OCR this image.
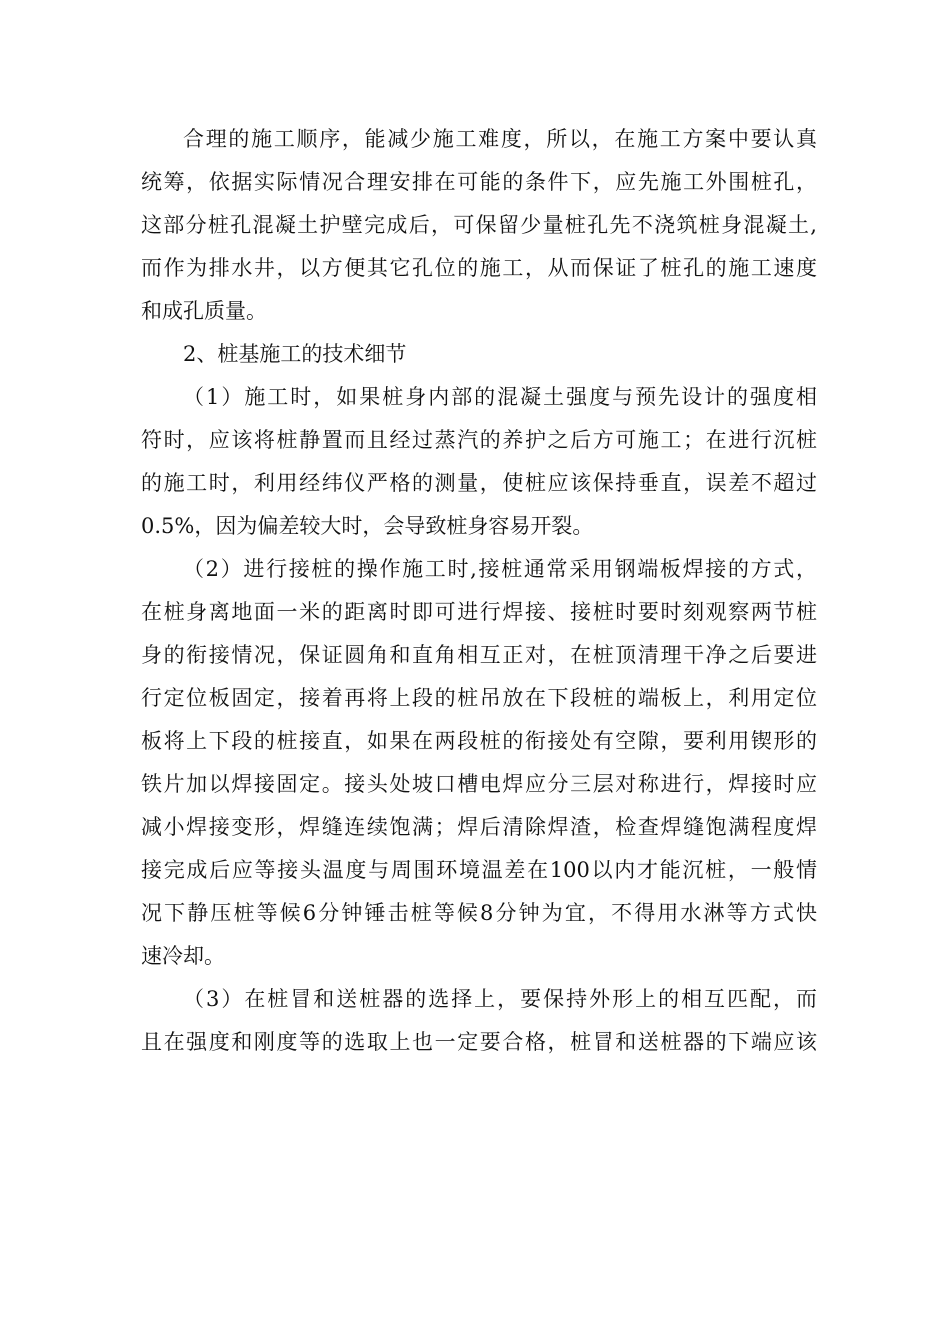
合理的施工顺序，能减少施工难度，所以，在施工方案中要认真
统筹，依据实际情况合理安排在可能的条件下，应先施工外围桩孔，
这部分桩孔混凝土护壁完成后，可保留少量桩孔先不浇筑桩身混凝土,
而作为排水井，以方便其它孔位的施工，从而保证了桩孔的施工速度
和成孔质量。
2、桩基施工的技术细节
（1）施工时，如果桩身内部的混凝土强度与预先设计的强度相
符时，应该将桩静置而且经过蒸汽的养护之后方可施工；在进行沉桩
的施工时，利用经纬仪严格的测量，使桩应该保持垂直，误差不超过
0.5%，因为偏差较大时，会导致桩身容易开裂。
（2）进行接桩的操作施工时,接桩通常采用钢端板焊接的方式，
在桩身离地面一米的距离时即可进行焊接、接桩时要时刻观察两节桩
身的衔接情况，保证圆角和直角相互正对，在桩顶清理干净之后要进
行定位板固定，接着再将上段的桩吊放在下段桩的端板上，利用定位
板将上下段的桩接直，如果在两段桩的衔接处有空隙，要利用锲形的
铁片加以焊接固定。接头处坡口槽电焊应分三层对称进行，焊接时应
减小焊接变形，焊缝连续饱满；焊后清除焊渣，检查焊缝饱满程度焊
接完成后应等接头温度与周围环境温差在100以内才能沉桩，一般情
况下静压桩等候6分钟锤击桩等候8分钟为宜，不得用水淋等方式快
速冷却。
（3）在桩冒和送桩器的选择上，要保持外形上的相互匹配，而
且在强度和刚度等的选取上也一定要合格，桩冒和送桩器的下端应该
